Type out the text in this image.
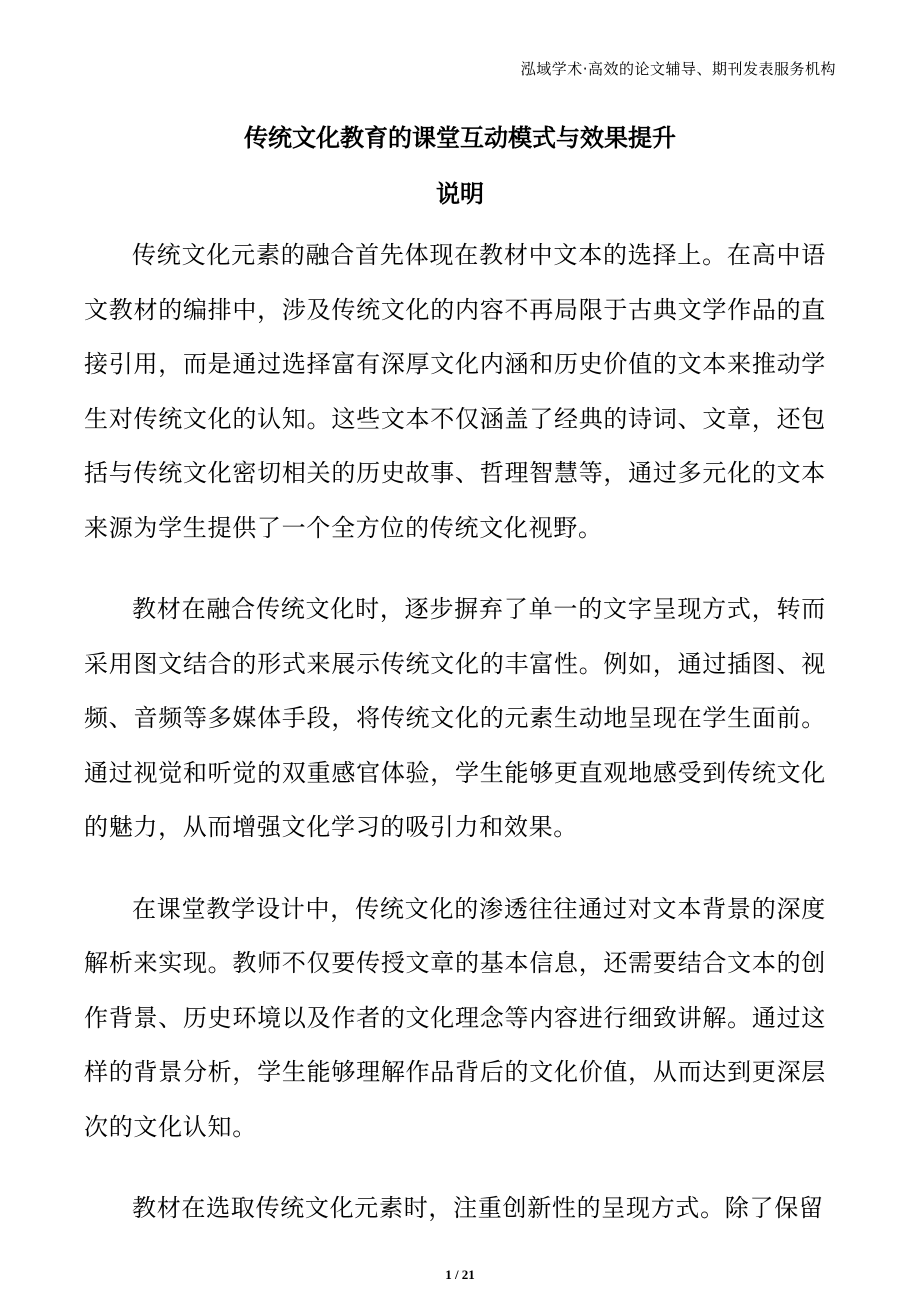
泓域学术·高效的论文辅导、期刊发表服务机构
传统文化教育的课堂互动模式与效果提升
说明

传统文化元素的融合首先体现在教材中文本的选择上。在高中语文教材的编排中，涉及传统文化的内容不再局限于古典文学作品的直接引用，而是通过选择富有深厚文化内涵和历史价值的文本来推动学生对传统文化的认知。这些文本不仅涵盖了经典的诗词、文章，还包括与传统文化密切相关的历史故事、哲理智慧等，通过多元化的文本来源为学生提供了一个全方位的传统文化视野。

教材在融合传统文化时，逐步摒弃了单一的文字呈现方式，转而采用图文结合的形式来展示传统文化的丰富性。例如，通过插图、视频、音频等多媒体手段，将传统文化的元素生动地呈现在学生面前。通过视觉和听觉的双重感官体验，学生能够更直观地感受到传统文化的魅力，从而增强文化学习的吸引力和效果。

在课堂教学设计中，传统文化的渗透往往通过对文本背景的深度解析来实现。教师不仅要传授文章的基本信息，还需要结合文本的创作背景、历史环境以及作者的文化理念等内容进行细致讲解。通过这样的背景分析，学生能够理解作品背后的文化价值，从而达到更深层次的文化认知。

教材在选取传统文化元素时，注重创新性的呈现方式。除了保留

1 / 21
